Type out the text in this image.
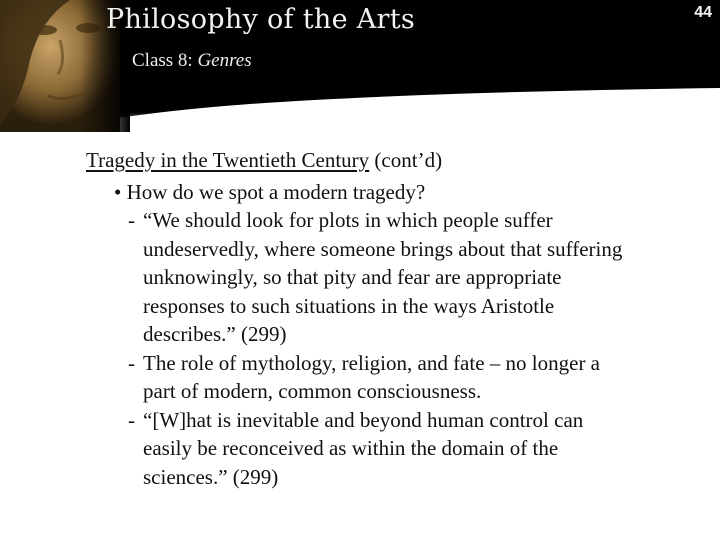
Philosophy of the Arts
Class 8: Genres
44
Tragedy in the Twentieth Century (cont’d)
• How do we spot a modern tragedy?
- “We should look for plots in which people suffer
undeservedly, where someone brings about that suffering
unknowingly, so that pity and fear are appropriate
responses to such situations in the ways Aristotle
describes.” (299)
- The role of mythology, religion, and fate – no longer a
part of modern, common consciousness.
- “[W]hat is inevitable and beyond human control can
easily be reconceived as within the domain of the
sciences.” (299)
